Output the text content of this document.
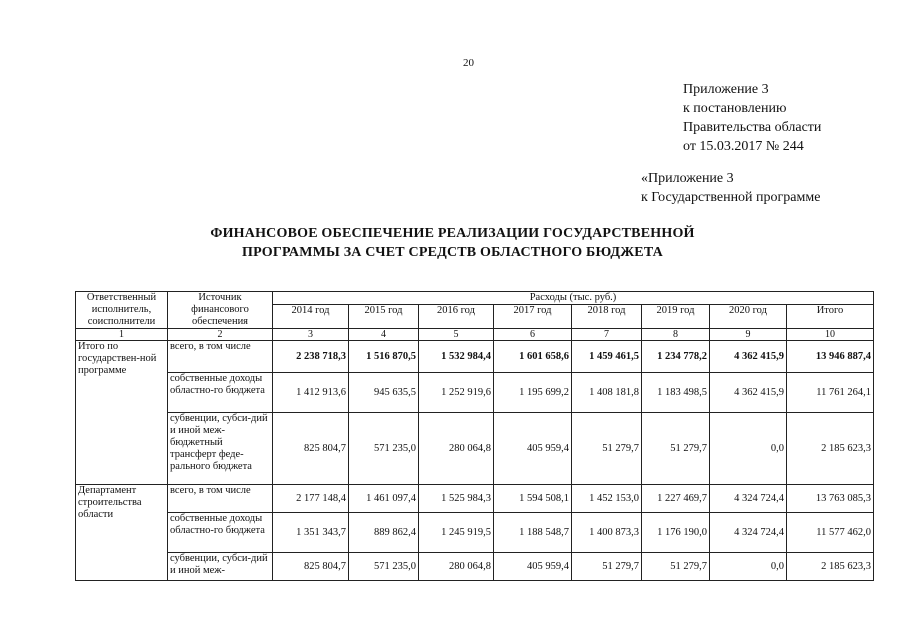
20
Приложение 3
к постановлению
Правительства области
от 15.03.2017 № 244
«Приложение 3
к Государственной программе
ФИНАНСОВОЕ ОБЕСПЕЧЕНИЕ РЕАЛИЗАЦИИ ГОСУДАРСТВЕННОЙ
ПРОГРАММЫ ЗА СЧЕТ СРЕДСТВ ОБЛАСТНОГО БЮДЖЕТА
Ответственный исполнитель, соисполнители	Источник финансового обеспечения	Расходы (тыс. руб.)							
		2014 год	2015 год	2016 год	2017 год	2018 год	2019 год	2020 год	Итого
1	2	3	4	5	6	7	8	9	10
Итого по государствен-ной программе	всего, в том числе	2 238 718,3	1 516 870,5	1 532 984,4	1 601 658,6	1 459 461,5	1 234 778,2	4 362 415,9	13 946 887,4
	собственные доходы областно-го бюджета	1 412 913,6	945 635,5	1 252 919,6	1 195 699,2	1 408 181,8	1 183 498,5	4 362 415,9	11 761 264,1
	субвенции, субси-дий и иной меж-бюджетный трансферт феде-рального бюджета	825 804,7	571 235,0	280 064,8	405 959,4	51 279,7	51 279,7	0,0	2 185 623,3
Департамент строительства области	всего, в том числе	2 177 148,4	1 461 097,4	1 525 984,3	1 594 508,1	1 452 153,0	1 227 469,7	4 324 724,4	13 763 085,3
	собственные доходы областно-го бюджета	1 351 343,7	889 862,4	1 245 919,5	1 188 548,7	1 400 873,3	1 176 190,0	4 324 724,4	11 577 462,0
	субвенции, субси-дий и иной меж-	825 804,7	571 235,0	280 064,8	405 959,4	51 279,7	51 279,7	0,0	2 185 623,3
